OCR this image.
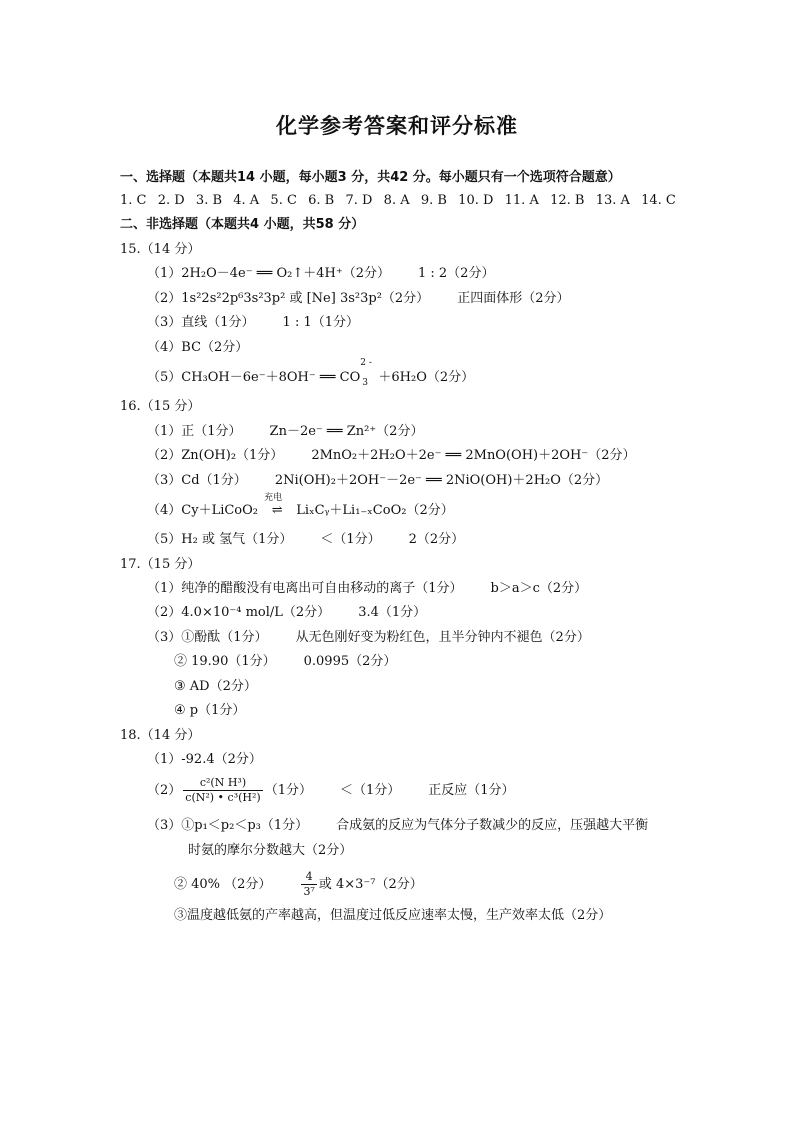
化学参考答案和评分标准
一、选择题（本题共14 小题，每小题3 分，共42 分。每小题只有一个选项符合题意）
1. C 2. D 3. B 4. A 5. C 6. B 7. D 8. A 9. B 10. D 11. A 12. B 13. A 14. C
二、非选择题（本题共4 小题，共58 分）
15.（14 分）
（1）2H₂O－4e⁻ ══ O₂↑＋4H⁺（2分） 1 : 2（2分）
（2）1s²2s²2p⁶3s²3p² 或 [Ne] 3s²3p²（2分） 正四面体形（2分）
（3）直线（1分） 1 : 1（1分）
（4）BC（2分）
（5）CH₃OH－6e⁻＋8OH⁻ ══ CO
2 -
3 ＋6H₂O（2分）
16.（15 分）
（1）正（1分） Zn－2e⁻ ══ Zn²⁺（2分）
（2）Zn(OH)₂（1分） 2MnO₂＋2H₂O＋2e⁻ ══ 2MnO(OH)＋2OH⁻（2分）
（3）Cd（1分） 2Ni(OH)₂＋2OH⁻－2e⁻ ══ 2NiO(OH)＋2H₂O（2分）
（4）Cy＋LiCoO₂
充电
⇌ LiₓCᵧ＋Li₁₋ₓCoO₂（2分）
（5）H₂ 或 氢气（1分） ＜（1分） 2（2分）
17.（15 分）
（1）纯净的醋酸没有电离出可自由移动的离子（1分） b＞a＞c（2分）
（2）4.0×10⁻⁴ mol/L（2分） 3.4（1分）
（3）①酚酞（1分） 从无色刚好变为粉红色，且半分钟内不褪色（2分）
② 19.90（1分） 0.0995（2分）
③ AD（2分）
④ p（1分）
18.（14 分）
（1）-92.4（2分）
$(2) \frac{\text{c²(N H³)}}{\text{c(N²) • c³(H²)}} (1$分） ＜（1分） 正反应（1分）
（3）①p₁＜p₂＜p₃（1分） 合成氨的反应为气体分子数减少的反应，压强越大平衡
时氨的摩尔分数越大（2分）
② 40% （2分）	$\frac{4}{\text{3⁷}}$ 或 4×3⁻⁷（2分）
③温度越低氨的产率越高，但温度过低反应速率太慢，生产效率太低（2分）
